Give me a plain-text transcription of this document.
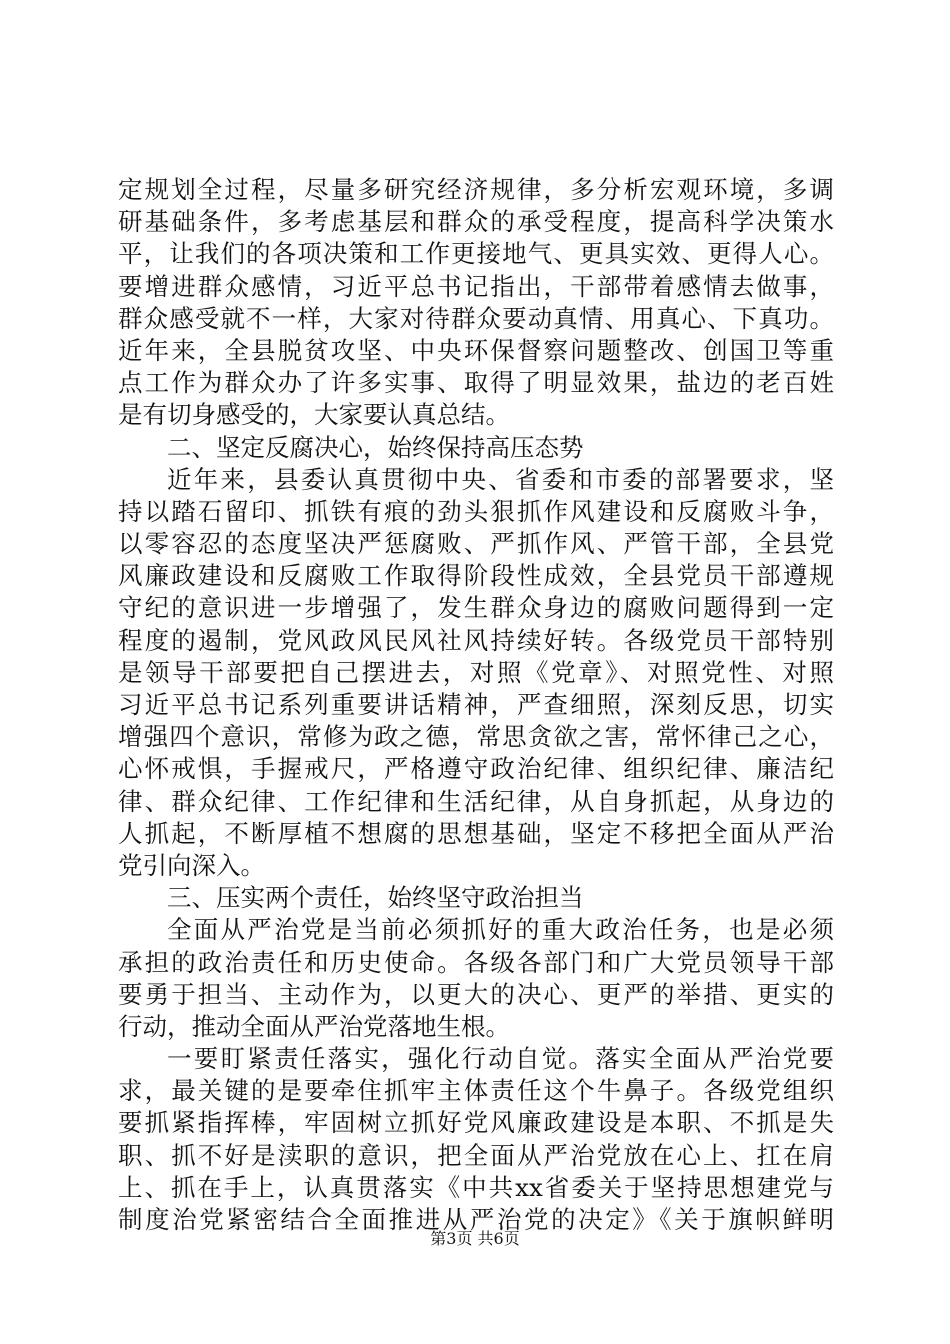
定规划全过程，尽量多研究经济规律，多分析宏观环境，多调
研基础条件，多考虑基层和群众的承受程度，提高科学决策水
平，让我们的各项决策和工作更接地气、更具实效、更得人心。
要增进群众感情，习近平总书记指出，干部带着感情去做事，
群众感受就不一样，大家对待群众要动真情、用真心、下真功。
近年来，全县脱贫攻坚、中央环保督察问题整改、创国卫等重
点工作为群众办了许多实事、取得了明显效果，盐边的老百姓
是有切身感受的，大家要认真总结。
二、坚定反腐决心，始终保持高压态势
近年来，县委认真贯彻中央、省委和市委的部署要求，坚
持以踏石留印、抓铁有痕的劲头狠抓作风建设和反腐败斗争，
以零容忍的态度坚决严惩腐败、严抓作风、严管干部，全县党
风廉政建设和反腐败工作取得阶段性成效，全县党员干部遵规
守纪的意识进一步增强了，发生群众身边的腐败问题得到一定
程度的遏制，党风政风民风社风持续好转。各级党员干部特别
是领导干部要把自己摆进去，对照《党章》、对照党性、对照
习近平总书记系列重要讲话精神，严查细照，深刻反思，切实
增强四个意识，常修为政之德，常思贪欲之害，常怀律己之心，
心怀戒惧，手握戒尺，严格遵守政治纪律、组织纪律、廉洁纪
律、群众纪律、工作纪律和生活纪律，从自身抓起，从身边的
人抓起，不断厚植不想腐的思想基础，坚定不移把全面从严治
党引向深入。
三、压实两个责任，始终坚守政治担当
全面从严治党是当前必须抓好的重大政治任务，也是必须
承担的政治责任和历史使命。各级各部门和广大党员领导干部
要勇于担当、主动作为，以更大的决心、更严的举措、更实的
行动，推动全面从严治党落地生根。
一要盯紧责任落实，强化行动自觉。落实全面从严治党要
求，最关键的是要牵住抓牢主体责任这个牛鼻子。各级党组织
要抓紧指挥棒，牢固树立抓好党风廉政建设是本职、不抓是失
职、抓不好是渎职的意识，把全面从严治党放在心上、扛在肩
上、抓在手上，认真贯落实《中共xx省委关于坚持思想建党与
制度治党紧密结合全面推进从严治党的决定》《关于旗帜鲜明
第3页 共6页
